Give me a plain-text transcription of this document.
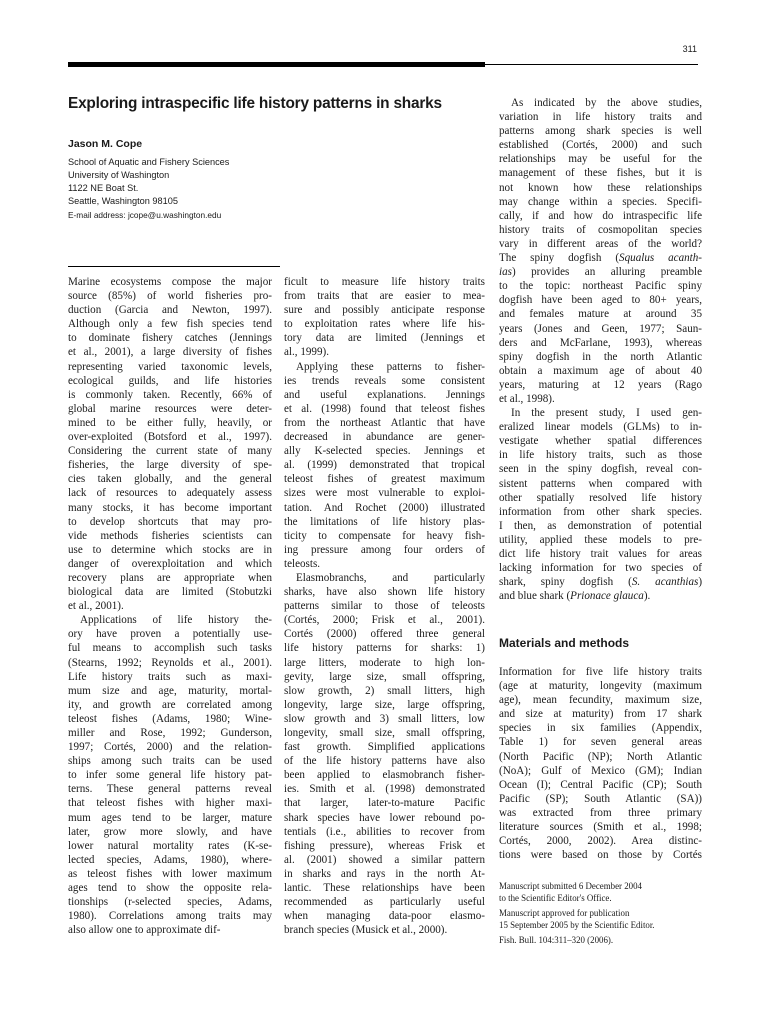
311
Exploring intraspecific life history patterns in sharks
Jason M. Cope
School of Aquatic and Fishery Sciences
University of Washington
1122 NE Boat St.
Seattle, Washington 98105
E-mail address: jcope@u.washington.edu
Marine ecosystems compose the major
source (85%) of world fisheries pro-
duction (Garcia and Newton, 1997).
Although only a few fish species tend
to dominate fishery catches (Jennings
et al., 2001), a large diversity of fishes
representing varied taxonomic levels,
ecological guilds, and life histories
is commonly taken. Recently, 66% of
global marine resources were deter-
mined to be either fully, heavily, or
over-exploited (Botsford et al., 1997).
Considering the current state of many
fisheries, the large diversity of spe-
cies taken globally, and the general
lack of resources to adequately assess
many stocks, it has become important
to develop shortcuts that may pro-
vide methods fisheries scientists can
use to determine which stocks are in
danger of overexploitation and which
recovery plans are appropriate when
biological data are limited (Stobutzki
et al., 2001).
Applications of life history the-
ory have proven a potentially use-
ful means to accomplish such tasks
(Stearns, 1992; Reynolds et al., 2001).
Life history traits such as maxi-
mum size and age, maturity, mortal-
ity, and growth are correlated among
teleost fishes (Adams, 1980; Wine-
miller and Rose, 1992; Gunderson,
1997; Cortés, 2000) and the relation-
ships among such traits can be used
to infer some general life history pat-
terns. These general patterns reveal
that teleost fishes with higher maxi-
mum ages tend to be larger, mature
later, grow more slowly, and have
lower natural mortality rates (K-se-
lected species, Adams, 1980), where-
as teleost fishes with lower maximum
ages tend to show the opposite rela-
tionships (r-selected species, Adams,
1980). Correlations among traits may
also allow one to approximate dif-
ficult to measure life history traits
from traits that are easier to mea-
sure and possibly anticipate response
to exploitation rates where life his-
tory data are limited (Jennings et
al., 1999).
Applying these patterns to fisher-
ies trends reveals some consistent
and useful explanations. Jennings
et al. (1998) found that teleost fishes
from the northeast Atlantic that have
decreased in abundance are gener-
ally K-selected species. Jennings et
al. (1999) demonstrated that tropical
teleost fishes of greatest maximum
sizes were most vulnerable to exploi-
tation. And Rochet (2000) illustrated
the limitations of life history plas-
ticity to compensate for heavy fish-
ing pressure among four orders of
teleosts.
Elasmobranchs, and particularly
sharks, have also shown life history
patterns similar to those of teleosts
(Cortés, 2000; Frisk et al., 2001).
Cortés (2000) offered three general
life history patterns for sharks: 1)
large litters, moderate to high lon-
gevity, large size, small offspring,
slow growth, 2) small litters, high
longevity, large size, large offspring,
slow growth and 3) small litters, low
longevity, small size, small offspring,
fast growth. Simplified applications
of the life history patterns have also
been applied to elasmobranch fisher-
ies. Smith et al. (1998) demonstrated
that larger, later-to-mature Pacific
shark species have lower rebound po-
tentials (i.e., abilities to recover from
fishing pressure), whereas Frisk et
al. (2001) showed a similar pattern
in sharks and rays in the north At-
lantic. These relationships have been
recommended as particularly useful
when managing data-poor elasmo-
branch species (Musick et al., 2000).
As indicated by the above studies,
variation in life history traits and
patterns among shark species is well
established (Cortés, 2000) and such
relationships may be useful for the
management of these fishes, but it is
not known how these relationships
may change within a species. Specifi-
cally, if and how do intraspecific life
history traits of cosmopolitan species
vary in different areas of the world?
The spiny dogfish (Squalus acanth-
ias) provides an alluring preamble
to the topic: northeast Pacific spiny
dogfish have been aged to 80+ years,
and females mature at around 35
years (Jones and Geen, 1977; Saun-
ders and McFarlane, 1993), whereas
spiny dogfish in the north Atlantic
obtain a maximum age of about 40
years, maturing at 12 years (Rago
et al., 1998).
In the present study, I used gen-
eralized linear models (GLMs) to in-
vestigate whether spatial differences
in life history traits, such as those
seen in the spiny dogfish, reveal con-
sistent patterns when compared with
other spatially resolved life history
information from other shark species.
I then, as demonstration of potential
utility, applied these models to pre-
dict life history trait values for areas
lacking information for two species of
shark, spiny dogfish (S. acanthias)
and blue shark (Prionace glauca).
Materials and methods
Information for five life history traits
(age at maturity, longevity (maximum
age), mean fecundity, maximum size,
and size at maturity) from 17 shark
species in six families (Appendix,
Table 1) for seven general areas
(North Pacific (NP); North Atlantic
(NoA); Gulf of Mexico (GM); Indian
Ocean (I); Central Pacific (CP); South
Pacific (SP); South Atlantic (SA))
was extracted from three primary
literature sources (Smith et al., 1998;
Cortés, 2000, 2002). Area distinc-
tions were based on those by Cortés
Manuscript submitted 6 December 2004
to the Scientific Editor's Office.
Manuscript approved for publication
15 September 2005 by the Scientific Editor.
Fish. Bull. 104:311–320 (2006).
